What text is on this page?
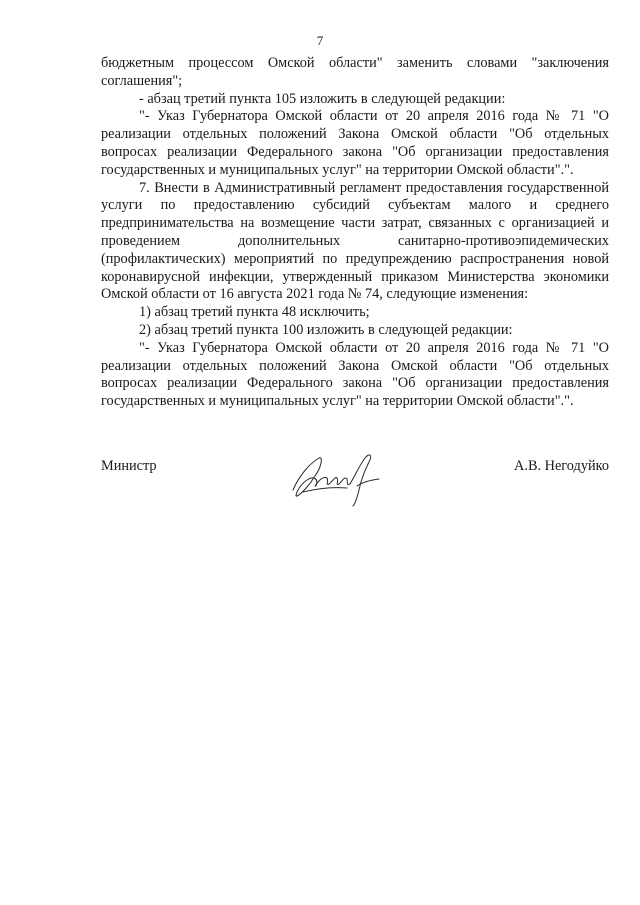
7

бюджетным процессом Омской области" заменить словами "заключения соглашения";

- абзац третий пункта 105 изложить в следующей редакции:

"- Указ Губернатора Омской области от 20 апреля 2016 года № 71 "О реализации отдельных положений Закона Омской области "Об отдельных вопросах реализации Федерального закона "Об организации предоставления государственных и муниципальных услуг" на территории Омской области".".

7. Внести в Административный регламент предоставления государственной услуги по предоставлению субсидий субъектам малого и среднего предпринимательства на возмещение части затрат, связанных с организацией и проведением дополнительных санитарно-противоэпидемических (профилактических) мероприятий по предупреждению распространения новой коронавирусной инфекции, утвержденный приказом Министерства экономики Омской области от 16 августа 2021 года № 74, следующие изменения:

1) абзац третий пункта 48 исключить;

2) абзац третий пункта 100 изложить в следующей редакции:

"- Указ Губернатора Омской области от 20 апреля 2016 года № 71 "О реализации отдельных положений Закона Омской области "Об отдельных вопросах реализации Федерального закона "Об организации предоставления государственных и муниципальных услуг" на территории Омской области".".

Министр	А.В. Негодуйко
